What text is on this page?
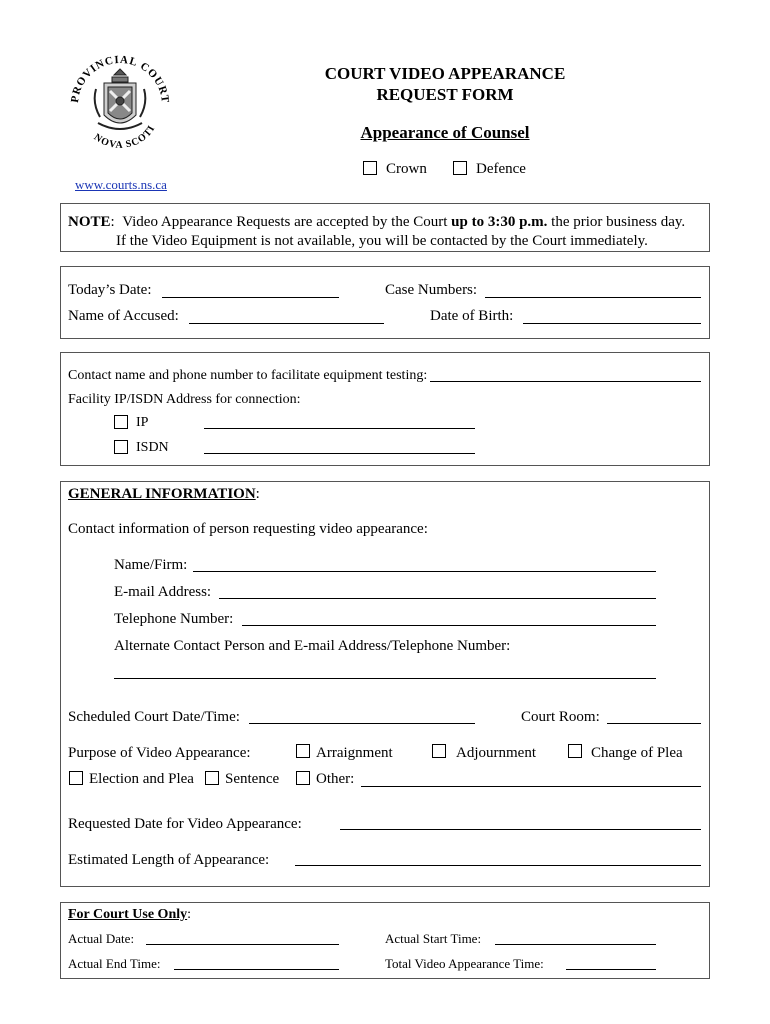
PROVINCIAL COURT
NOVA SCOTI
COURT VIDEO APPEARANCE
REQUEST FORM
Appearance of Counsel
Crown	Defence
www.courts.ns.ca
NOTE:  Video Appearance Requests are accepted by the Court up to 3:30 p.m. the prior business day.
If the Video Equipment is not available, you will be contacted by the Court immediately.
Today’s Date:	Case Numbers:
Name of Accused:	Date of Birth:
Contact name and phone number to facilitate equipment testing:
Facility IP/ISDN Address for connection:
IP
ISDN
GENERAL INFORMATION:
Contact information of person requesting video appearance:
Name/Firm:
E-mail Address:
Telephone Number:
Alternate Contact Person and E-mail Address/Telephone Number:
Scheduled Court Date/Time:	Court Room:
Purpose of Video Appearance:	Arraignment	Adjournment	Change of Plea
Election and Plea Sentence Other:
Requested Date for Video Appearance:
Estimated Length of Appearance:
For Court Use Only:
Actual Date:	Actual Start Time:
Actual End Time:	Total Video Appearance Time:
